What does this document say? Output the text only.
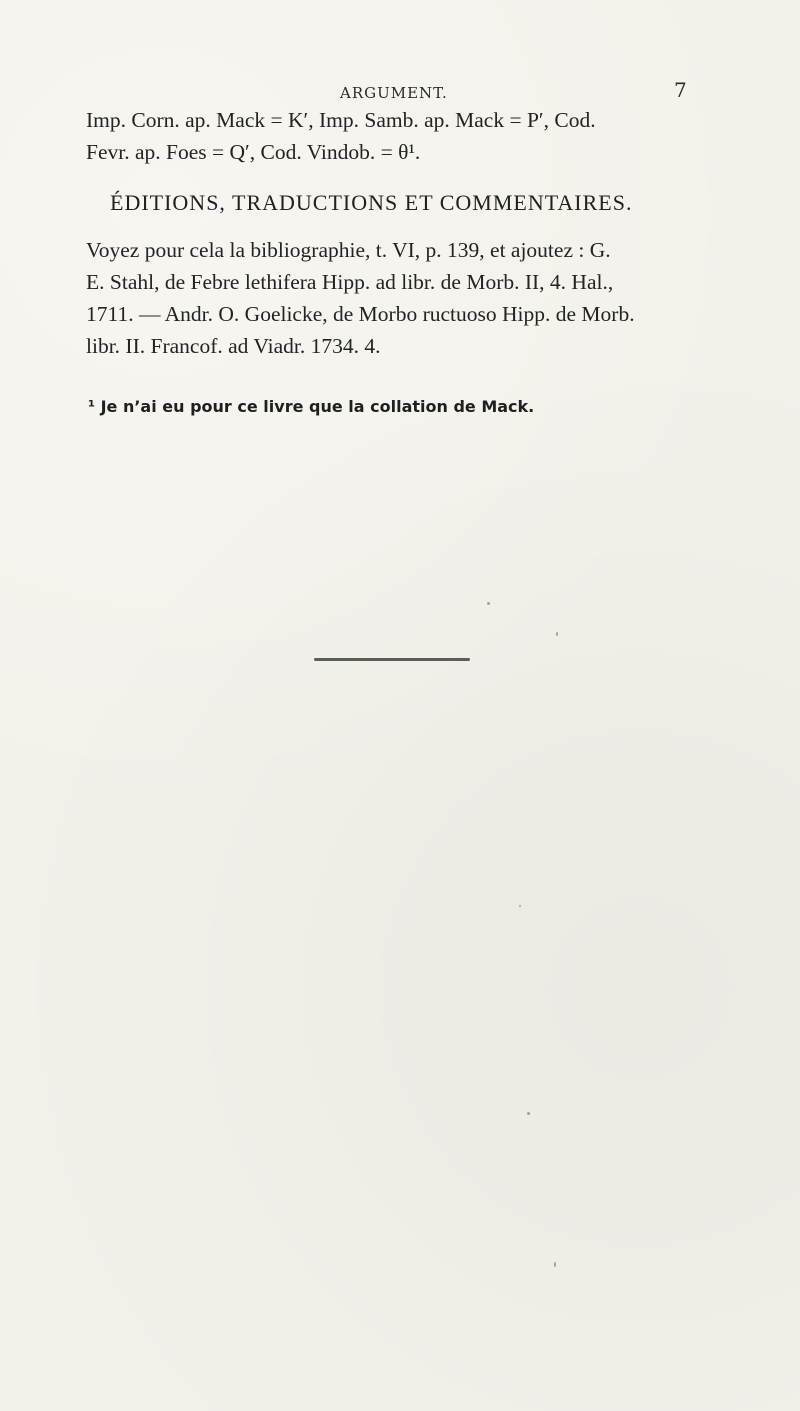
ARGUMENT.	7
Imp. Corn. ap. Mack = K′, Imp. Samb. ap. Mack = P′, Cod.
Fevr. ap. Foes = Q′, Cod. Vindob. = θ¹.
ÉDITIONS, TRADUCTIONS ET COMMENTAIRES.
Voyez pour cela la bibliographie, t. VI, p. 139, et ajoutez : G.
E. Stahl, de Febre lethifera Hipp. ad libr. de Morb. II, 4. Hal.,
1711. — Andr. O. Goelicke, de Morbo ructuoso Hipp. de Morb.
libr. II. Francof. ad Viadr. 1734. 4.
¹ Je n’ai eu pour ce livre que la collation de Mack.
